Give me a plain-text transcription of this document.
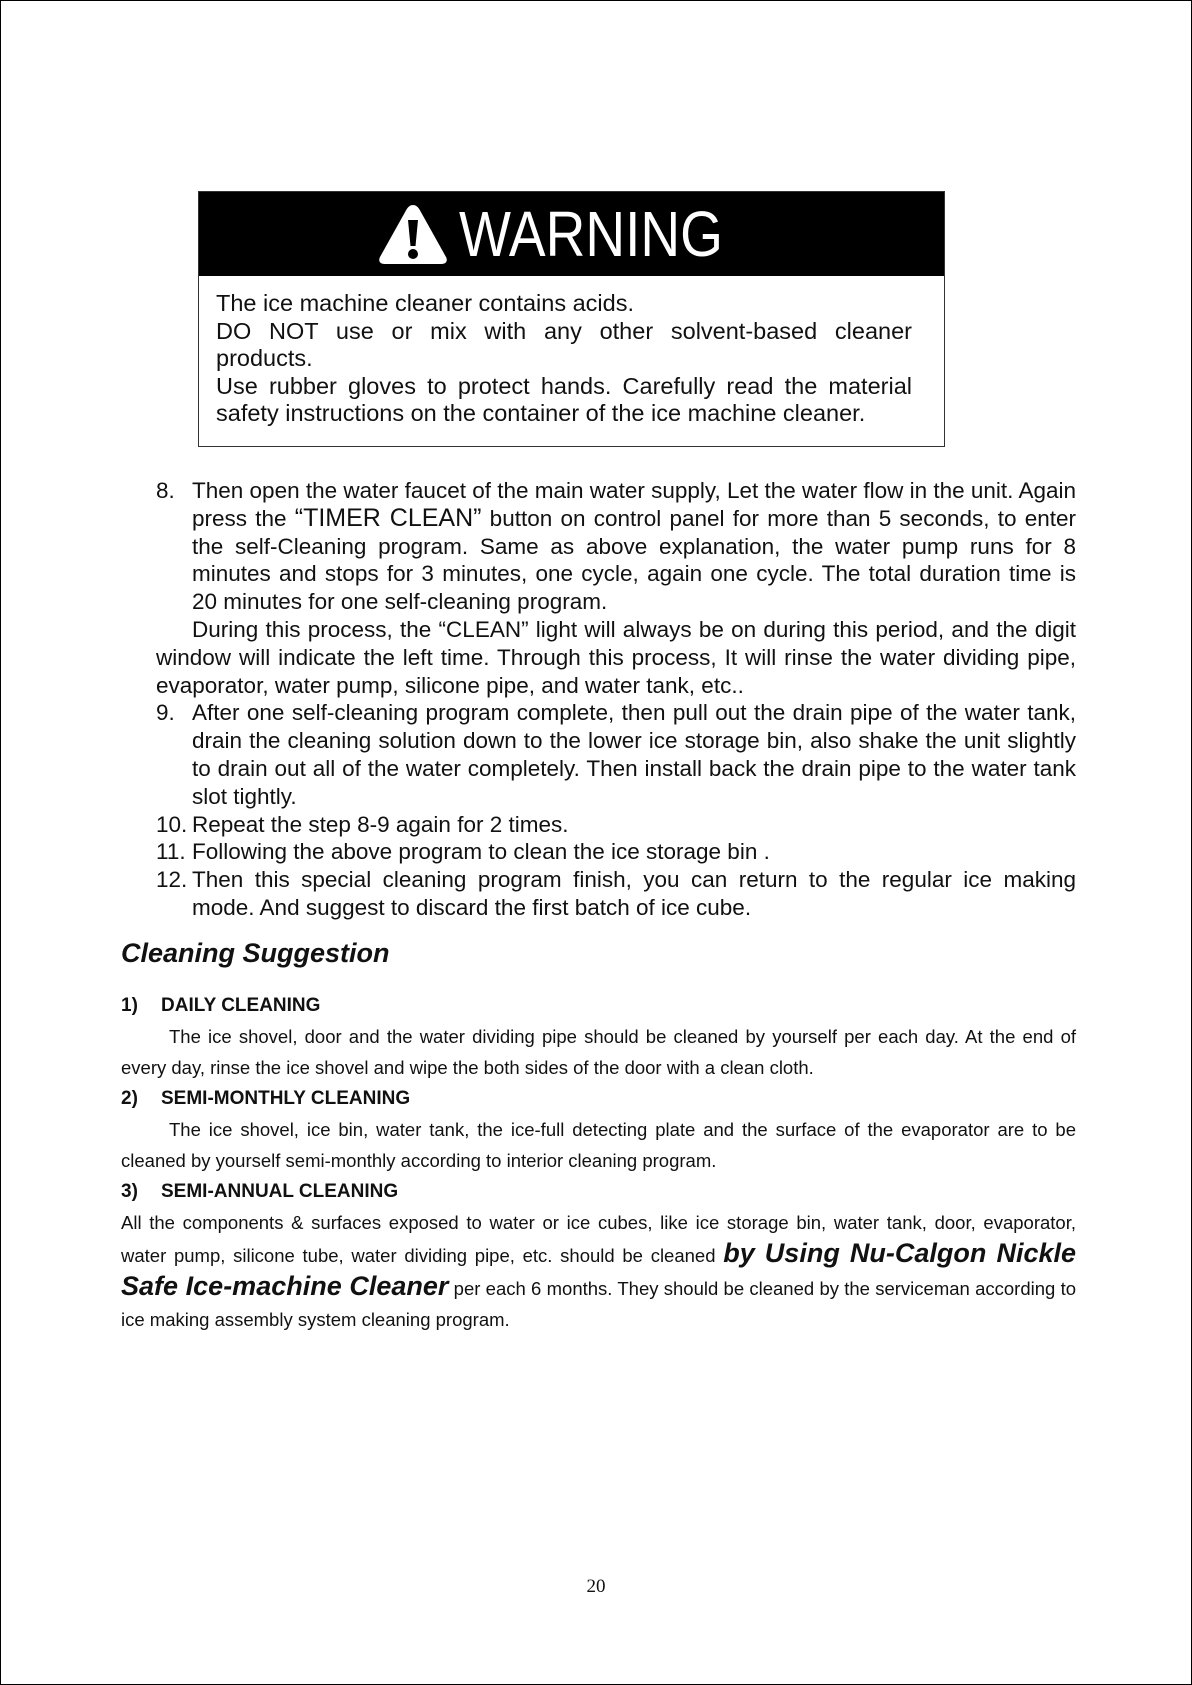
WARNING

The ice machine cleaner contains acids.

DO NOT use or mix with any other solvent-based cleaner products.

Use rubber gloves to protect hands. Carefully read the material safety instructions on the container of the ice machine cleaner.

8. Then open the water faucet of the main water supply, Let the water flow in the unit. Again press the “TIMER CLEAN” button on control panel for more than 5 seconds, to enter the self-Cleaning program. Same as above explanation, the water pump runs for 8 minutes and stops for 3 minutes, one cycle, again one cycle. The total duration time is 20 minutes for one self-cleaning program.

During this process, the “CLEAN” light will always be on during this period, and the digit window will indicate the left time. Through this process, It will rinse the water dividing pipe, evaporator, water pump, silicone pipe, and water tank, etc..

9. After one self-cleaning program complete, then pull out the drain pipe of the water tank, drain the cleaning solution down to the lower ice storage bin, also shake the unit slightly to drain out all of the water completely. Then install back the drain pipe to the water tank slot tightly.
10. Repeat the step 8-9 again for 2 times.
11. Following the above program to clean the ice storage bin .
12. Then this special cleaning program finish, you can return to the regular ice making mode. And suggest to discard the first batch of ice cube.
Cleaning Suggestion

1) DAILY CLEANING

The ice shovel, door and the water dividing pipe should be cleaned by yourself per each day. At the end of every day, rinse the ice shovel and wipe the both sides of the door with a clean cloth.

2) SEMI-MONTHLY CLEANING

The ice shovel, ice bin, water tank, the ice-full detecting plate and the surface of the evaporator are to be cleaned by yourself semi-monthly according to interior cleaning program.

3) SEMI-ANNUAL CLEANING

All the components & surfaces exposed to water or ice cubes, like ice storage bin, water tank, door, evaporator, water pump, silicone tube, water dividing pipe, etc. should be cleaned by Using Nu-Calgon Nickle Safe Ice-machine Cleaner per each 6 months. They should be cleaned by the serviceman according to ice making assembly system cleaning program.

20
